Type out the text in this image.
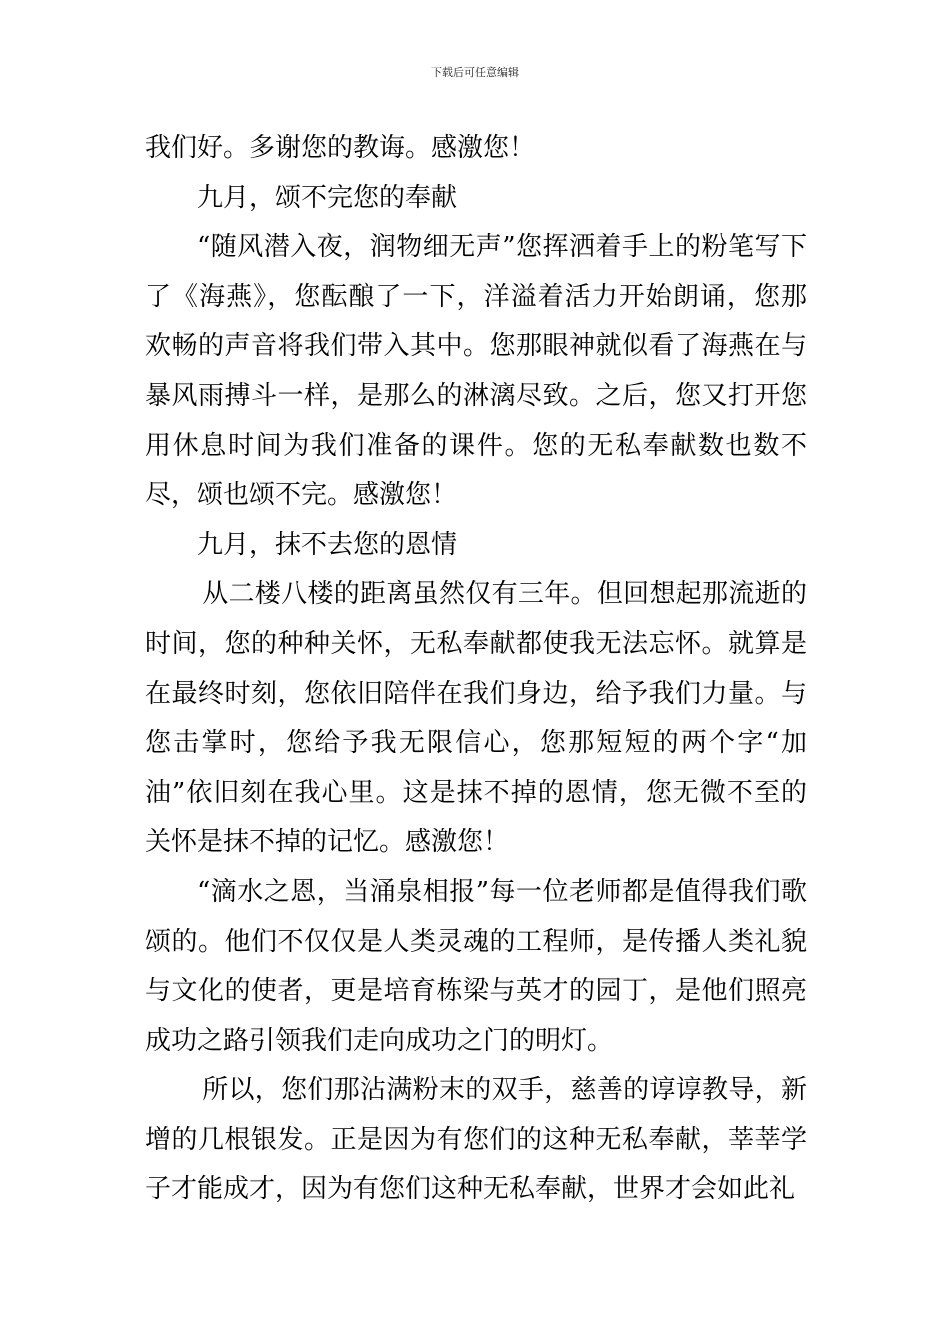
下载后可任意编辑

我们好。多谢您的教诲。感激您！

九月，颂不完您的奉献

“随风潜入夜，润物细无声”您挥洒着手上的粉笔写下了《海燕》，您酝酿了一下，洋溢着活力开始朗诵，您那欢畅的声音将我们带入其中。您那眼神就似看了海燕在与暴风雨搏斗一样，是那么的淋漓尽致。之后，您又打开您用休息时间为我们准备的课件。您的无私奉献数也数不尽，颂也颂不完。感激您！

九月，抹不去您的恩情

从二楼八楼的距离虽然仅有三年。但回想起那流逝的时间，您的种种关怀，无私奉献都使我无法忘怀。就算是在最终时刻，您依旧陪伴在我们身边，给予我们力量。与您击掌时，您给予我无限信心，您那短短的两个字“加油”依旧刻在我心里。这是抹不掉的恩情，您无微不至的关怀是抹不掉的记忆。感激您！

“滴水之恩，当涌泉相报”每一位老师都是值得我们歌颂的。他们不仅仅是人类灵魂的工程师，是传播人类礼貌与文化的使者，更是培育栋梁与英才的园丁，是他们照亮成功之路引领我们走向成功之门的明灯。

所以，您们那沾满粉末的双手，慈善的谆谆教导，新增的几根银发。正是因为有您们的这种无私奉献，莘莘学子才能成才，因为有您们这种无私奉献，世界才会如此礼
